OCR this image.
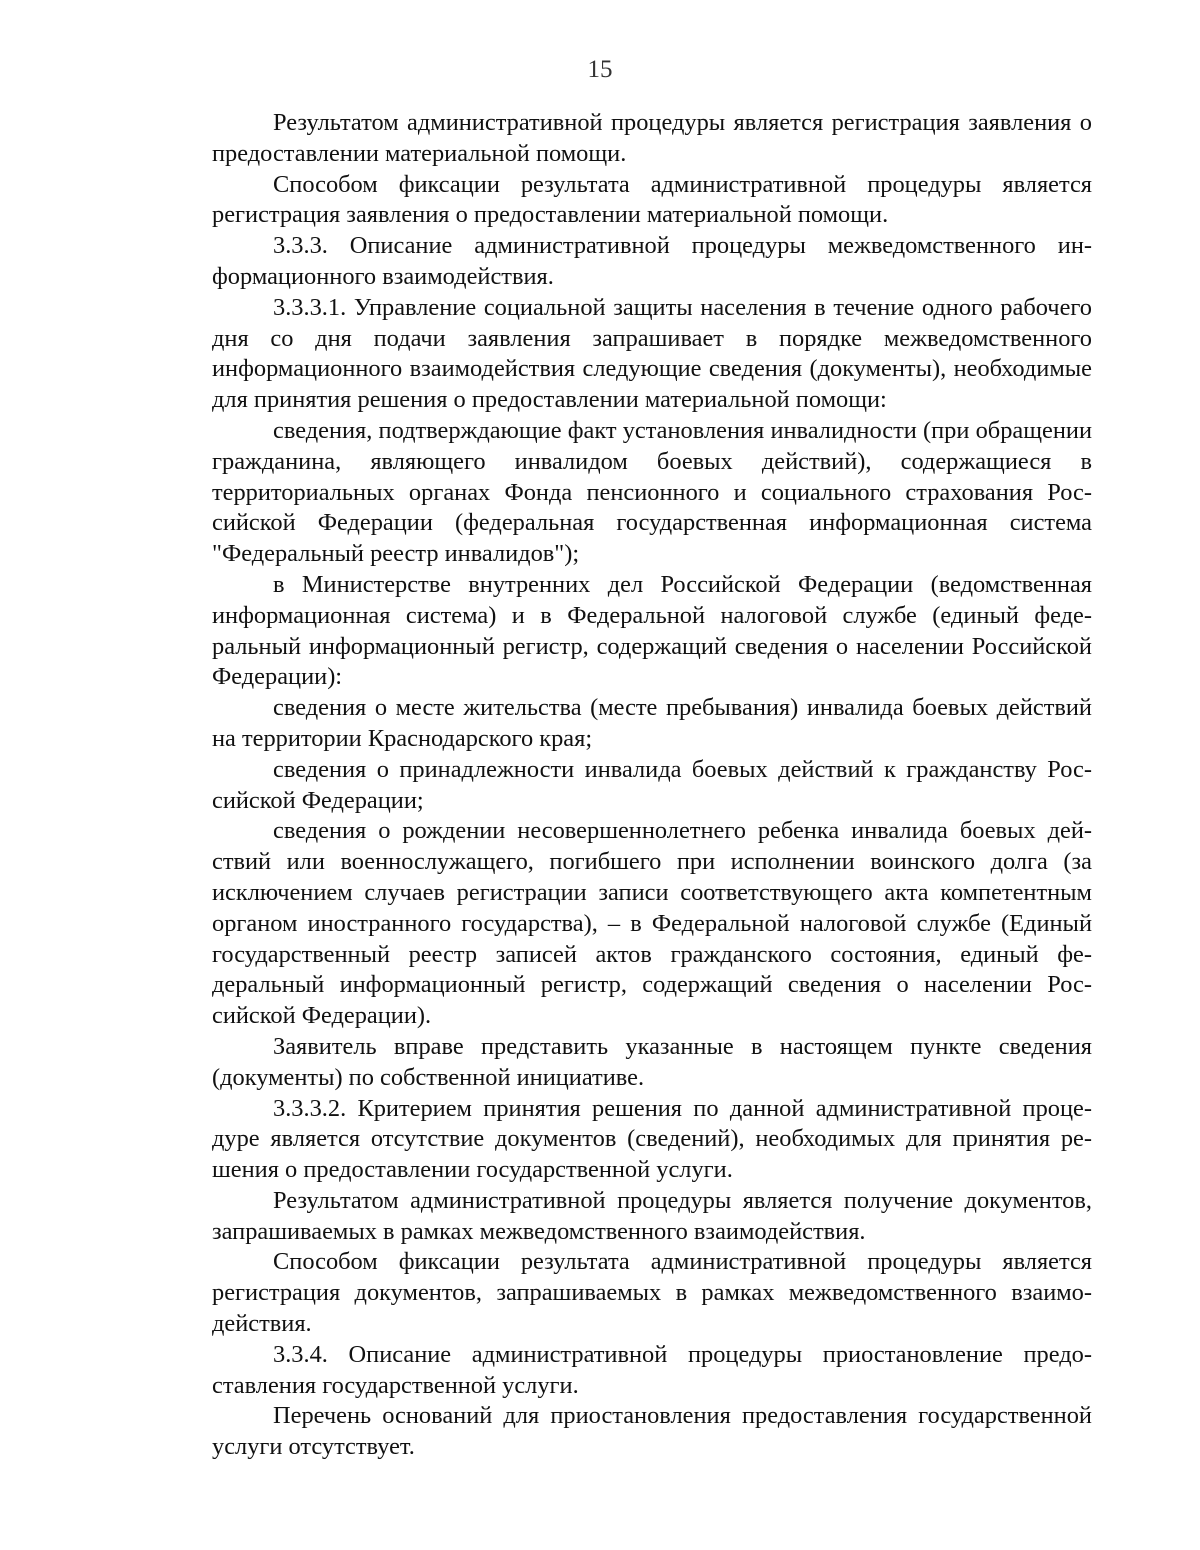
15

Результатом административной процедуры является регистрация заявления о предоставлении материальной помощи.

Способом фиксации результата административной процедуры является регистрация заявления о предоставлении материальной помощи.

3.3.3. Описание административной процедуры межведомственного информационного взаимодействия.

3.3.3.1. Управление социальной защиты населения в течение одного рабочего дня со дня подачи заявления запрашивает в порядке межведомственного информационного взаимодействия следующие сведения (документы), необходимые для принятия решения о предоставлении материальной помощи:

сведения, подтверждающие факт установления инвалидности (при обращении гражданина, являющего инвалидом боевых действий), содержащиеся в территориальных органах Фонда пенсионного и социального страхования Российской Федерации (федеральная государственная информационная система "Федеральный реестр инвалидов");

в Министерстве внутренних дел Российской Федерации (ведомственная информационная система) и в Федеральной налоговой службе (единый федеральный информационный регистр, содержащий сведения о населении Российской Федерации):

сведения о месте жительства (месте пребывания) инвалида боевых действий на территории Краснодарского края;

сведения о принадлежности инвалида боевых действий к гражданству Российской Федерации;

сведения о рождении несовершеннолетнего ребенка инвалида боевых действий или военнослужащего, погибшего при исполнении воинского долга (за исключением случаев регистрации записи соответствующего акта компетентным органом иностранного государства), – в Федеральной налоговой службе (Единый государственный реестр записей актов гражданского состояния, единый федеральный информационный регистр, содержащий сведения о населении Российской Федерации).

Заявитель вправе представить указанные в настоящем пункте сведения (документы) по собственной инициативе.

3.3.3.2. Критерием принятия решения по данной административной процедуре является отсутствие документов (сведений), необходимых для принятия решения о предоставлении государственной услуги.

Результатом административной процедуры является получение документов, запрашиваемых в рамках межведомственного взаимодействия.

Способом фиксации результата административной процедуры является регистрация документов, запрашиваемых в рамках межведомственного взаимодействия.

3.3.4. Описание административной процедуры приостановление предоставления государственной услуги.

Перечень оснований для приостановления предоставления государственной услуги отсутствует.
